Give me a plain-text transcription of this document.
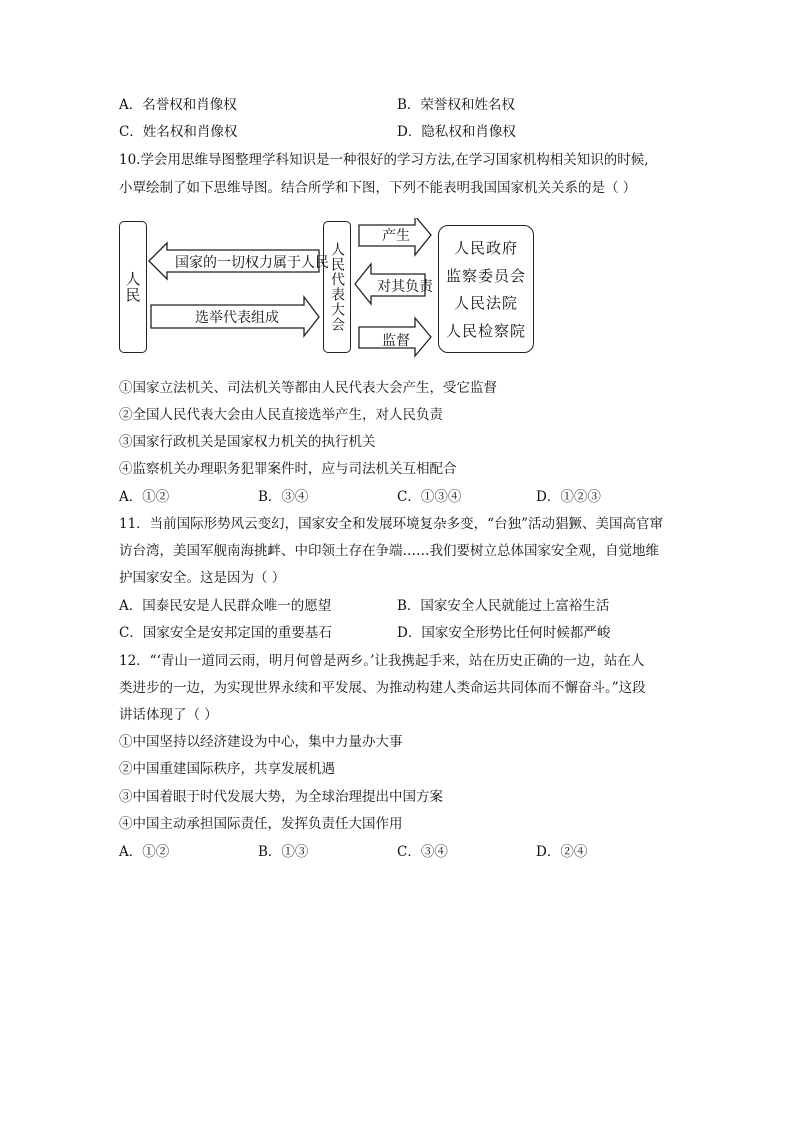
A．名誉权和肖像权	B．荣誉权和姓名权
C．姓名权和肖像权	D．隐私权和肖像权
10.学会用思维导图整理学科知识是一种很好的学习方法,在学习国家机构相关知识的时候,
小覃绘制了如下思维导图。结合所学和下图，下列不能表明我国国家机关关系的是（ ）
人民	人民代表大会
国家的一切权力属于人民
选举代表组成
产生
对其负责
监督
人民政府
监察委员会
人民法院
人民检察院
①国家立法机关、司法机关等都由人民代表大会产生，受它监督
②全国人民代表大会由人民直接选举产生，对人民负责
③国家行政机关是国家权力机关的执行机关
④监察机关办理职务犯罪案件时，应与司法机关互相配合
A．①②	B．③④	C．①③④	D．①②③
11．当前国际形势风云变幻，国家安全和发展环境复杂多变，“台独”活动猖獗、美国高官窜
访台湾，美国军舰南海挑衅、中印领土存在争端……我们要树立总体国家安全观，自觉地维
护国家安全。这是因为（ ）
A．国泰民安是人民群众唯一的愿望	B．国家安全人民就能过上富裕生活
C．国家安全是安邦定国的重要基石	D．国家安全形势比任何时候都严峻
12．“‘青山一道同云雨，明月何曾是两乡。’让我携起手来，站在历史正确的一边，站在人
类进步的一边，为实现世界永续和平发展、为推动构建人类命运共同体而不懈奋斗。”这段
讲话体现了（ ）
①中国坚持以经济建设为中心，集中力量办大事
②中国重建国际秩序，共享发展机遇
③中国着眼于时代发展大势，为全球治理提出中国方案
④中国主动承担国际责任，发挥负责任大国作用
A．①②	B．①③	C．③④	D．②④
